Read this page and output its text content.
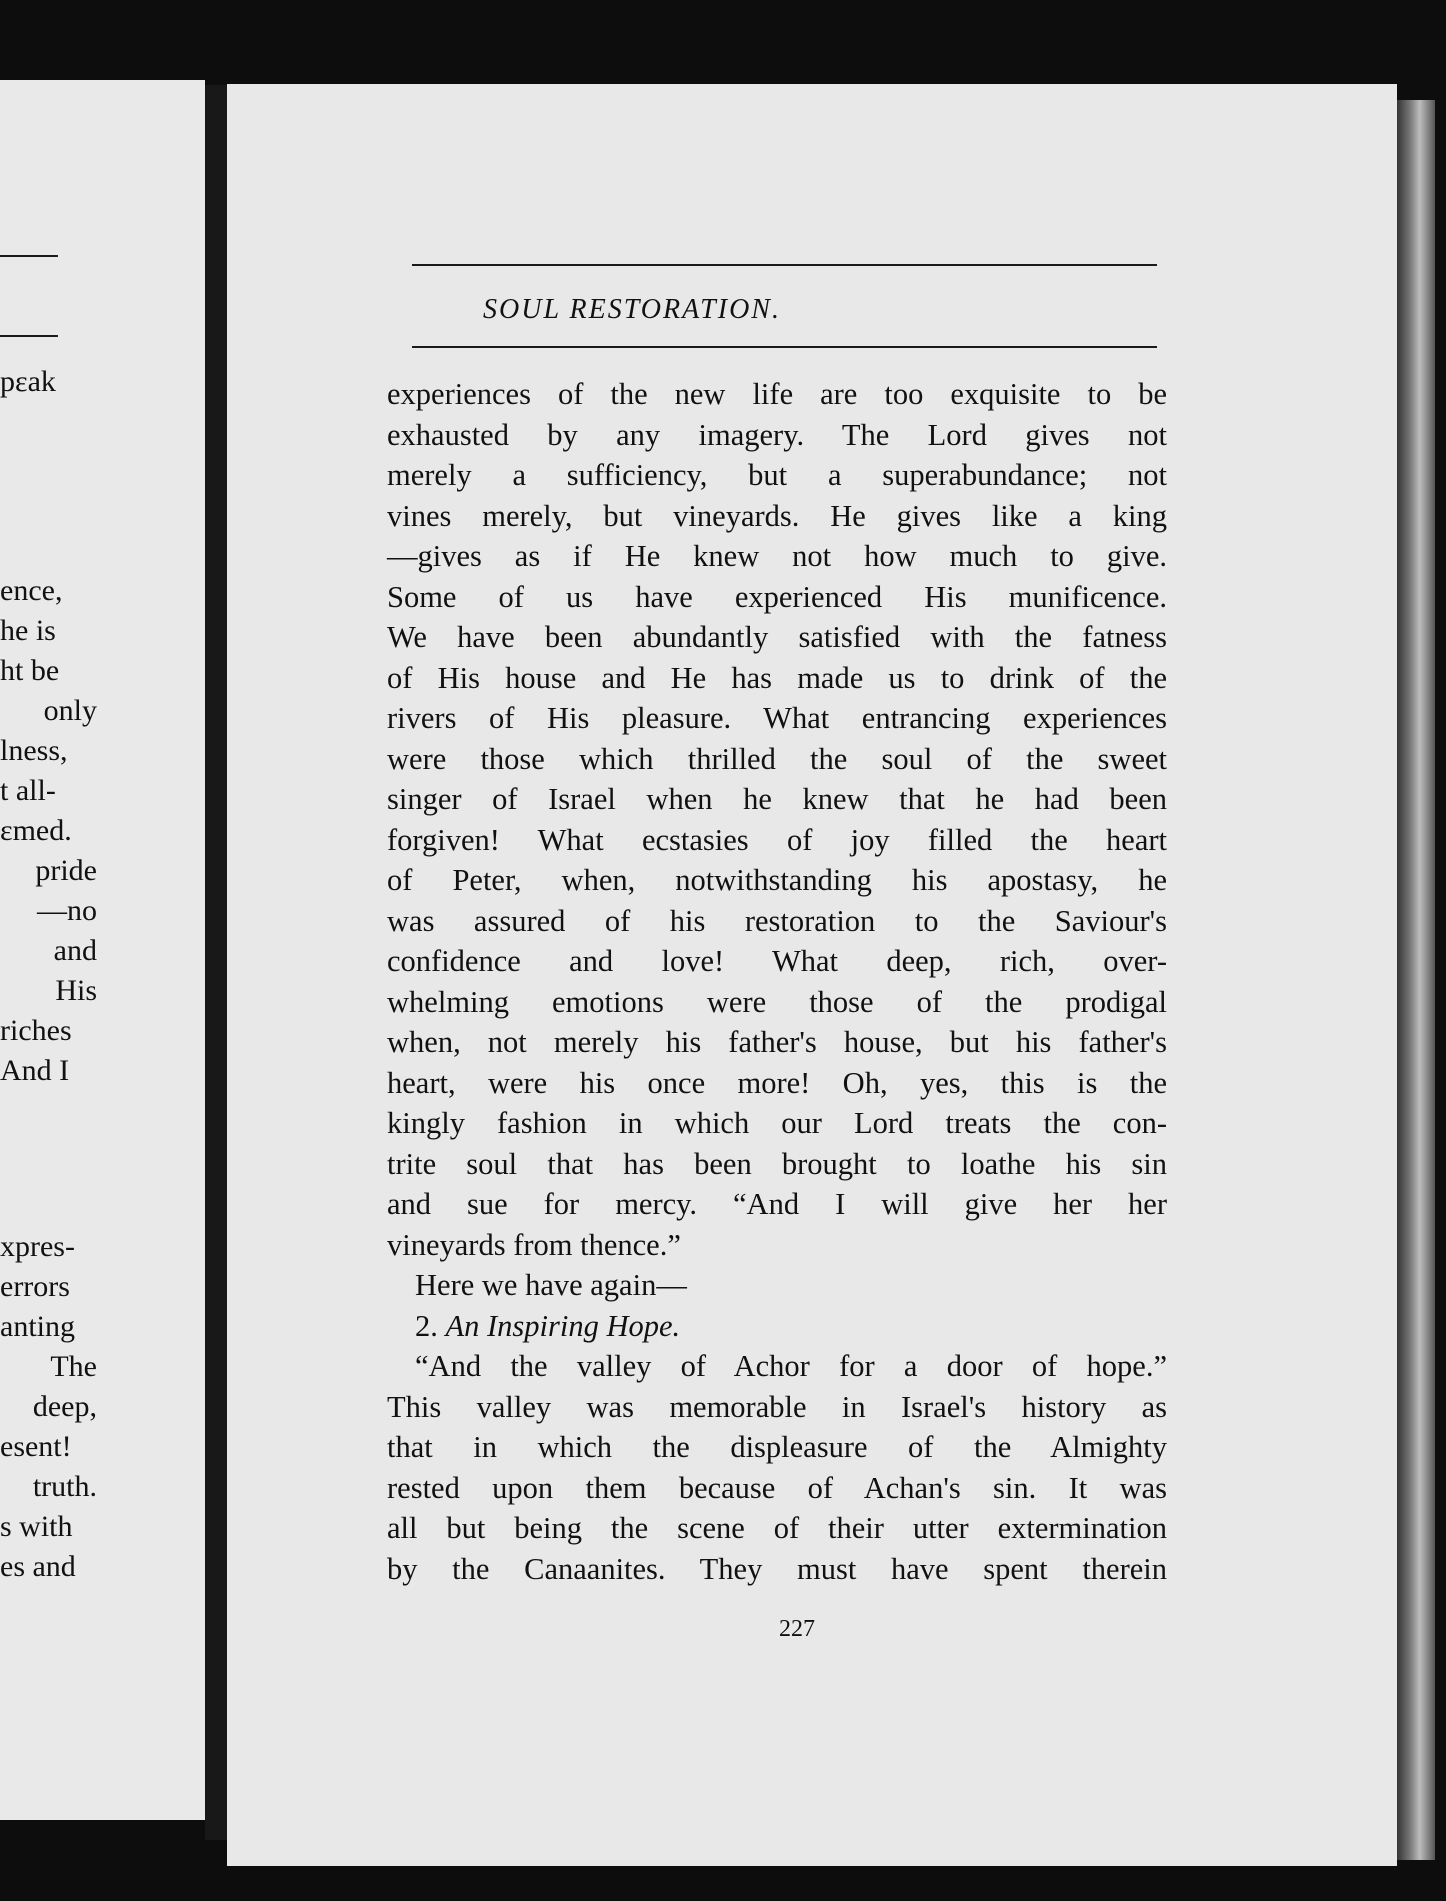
pεak
ence,
he is
ht be
only
lness,
t all-
ɛmed.
pride
—no
and
His
riches
And I
xpres-
errors
anting
The
deep,
esent!
truth.
s with
es and
SOUL RESTORATION.
experiences of the new life are too exquisite to be
exhausted by any imagery. The Lord gives not
merely a sufficiency, but a superabundance; not
vines merely, but vineyards. He gives like a king
—gives as if He knew not how much to give.
Some of us have experienced His munificence.
We have been abundantly satisfied with the fatness
of His house and He has made us to drink of the
rivers of His pleasure. What entrancing experiences
were those which thrilled the soul of the sweet
singer of Israel when he knew that he had been
forgiven! What ecstasies of joy filled the heart
of Peter, when, notwithstanding his apostasy, he
was assured of his restoration to the Saviour's
confidence and love! What deep, rich, over-
whelming emotions were those of the prodigal
when, not merely his father's house, but his father's
heart, were his once more! Oh, yes, this is the
kingly fashion in which our Lord treats the con-
trite soul that has been brought to loathe his sin
and sue for mercy. “And I will give her her
vineyards from thence.”
Here we have again—
2. An Inspiring Hope.
“And the valley of Achor for a door of hope.”
This valley was memorable in Israel's history as
that in which the displeasure of the Almighty
rested upon them because of Achan's sin. It was
all but being the scene of their utter extermination
by the Canaanites. They must have spent therein
227
